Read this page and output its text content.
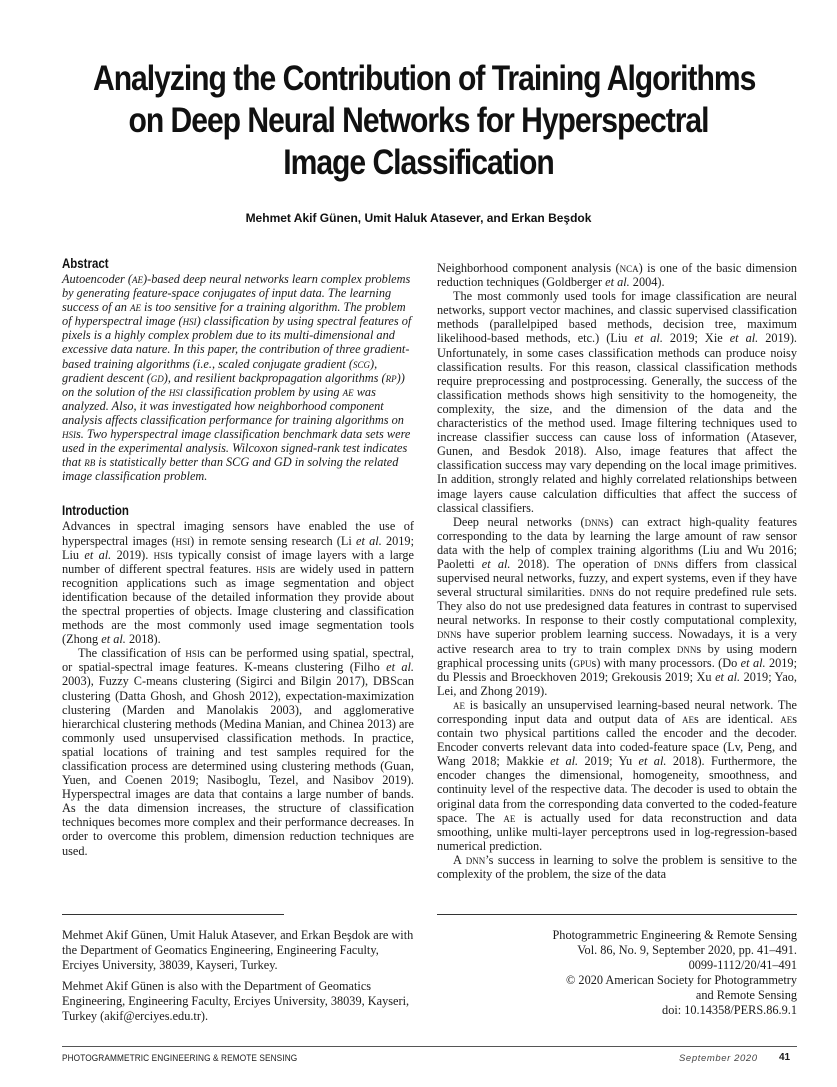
Analyzing the Contribution of Training Algorithms
on Deep Neural Networks for Hyperspectral
Image Classification
Mehmet Akif Günen, Umit Haluk Atasever, and Erkan Beşdok
Abstract

Autoencoder (ae)-based deep neural networks learn complex problems by generating feature-space conjugates of input data. The learning success of an ae is too sensitive for a training algorithm. The problem of hyperspectral image (hsi) classification by using spectral features of pixels is a highly complex problem due to its multi-dimensional and excessive data nature. In this paper, the contribution of three gradient-based training algorithms (i.e., scaled conjugate gradient (scg), gradient descent (gd), and resilient backpropagation algorithms (rp)) on the solution of the hsi classification problem by using ae was analyzed. Also, it was investigated how neighborhood component analysis affects classification performance for training algorithms on hsis. Two hyperspectral image classification benchmark data sets were used in the experimental analysis. Wilcoxon signed-rank test indicates that rb is statistically better than SCG and GD in solving the related image classification problem.

Introduction

Advances in spectral imaging sensors have enabled the use of hyperspectral images (hsi) in remote sensing research (Li et al. 2019; Liu et al. 2019). hsis typically consist of image layers with a large number of different spectral features. hsis are widely used in pattern recognition applications such as image segmentation and object identification because of the detailed information they provide about the spectral properties of objects. Image clustering and classification methods are the most commonly used image segmentation tools (Zhong et al. 2018).

The classification of hsis can be performed using spatial, spectral, or spatial-spectral image features. K-means clustering (Filho et al. 2003), Fuzzy C-means clustering (Sigirci and Bilgin 2017), DBScan clustering (Datta Ghosh, and Ghosh 2012), expectation-maximization clustering (Marden and Manolakis 2003), and agglomerative hierarchical clustering methods (Medina Manian, and Chinea 2013) are commonly used unsupervised classification methods. In practice, spatial locations of training and test samples required for the classification process are determined using clustering methods (Guan, Yuen, and Coenen 2019; Nasiboglu, Tezel, and Nasibov 2019). Hyperspectral images are data that contains a large number of bands. As the data dimension increases, the structure of classification techniques becomes more complex and their performance decreases. In order to overcome this problem, dimension reduction techniques are used.

Neighborhood component analysis (nca) is one of the basic dimension reduction techniques (Goldberger et al. 2004).

The most commonly used tools for image classification are neural networks, support vector machines, and classic supervised classification methods (parallelpiped based methods, decision tree, maximum likelihood-based methods, etc.) (Liu et al. 2019; Xie et al. 2019). Unfortunately, in some cases classification methods can produce noisy classification results. For this reason, classical classification methods require preprocessing and postprocessing. Generally, the success of the classification methods shows high sensitivity to the homogeneity, the complexity, the size, and the dimension of the data and the characteristics of the method used. Image filtering techniques used to increase classifier success can cause loss of information (Atasever, Gunen, and Besdok 2018). Also, image features that affect the classification success may vary depending on the local image primitives. In addition, strongly related and highly correlated relationships between image layers cause calculation difficulties that affect the success of classical classifiers.

Deep neural networks (dnns) can extract high-quality features corresponding to the data by learning the large amount of raw sensor data with the help of complex training algorithms (Liu and Wu 2016; Paoletti et al. 2018). The operation of dnns differs from classical supervised neural networks, fuzzy, and expert systems, even if they have several structural similarities. dnns do not require predefined rule sets. They also do not use predesigned data features in contrast to supervised neural networks. In response to their costly computational complexity, dnns have superior problem learning success. Nowadays, it is a very active research area to try to train complex dnns by using modern graphical processing units (gpus) with many processors. (Do et al. 2019; du Plessis and Broeckhoven 2019; Grekousis 2019; Xu et al. 2019; Yao, Lei, and Zhong 2019).

ae is basically an unsupervised learning-based neural network. The corresponding input data and output data of aes are identical. aes contain two physical partitions called the encoder and the decoder. Encoder converts relevant data into coded-feature space (Lv, Peng, and Wang 2018; Makkie et al. 2019; Yu et al. 2018). Furthermore, the encoder changes the dimensional, homogeneity, smoothness, and continuity level of the respective data. The decoder is used to obtain the original data from the corresponding data converted to the coded-feature space. The ae is actually used for data reconstruction and data smoothing, unlike multi-layer perceptrons used in log-regression-based numerical prediction.

A dnn’s success in learning to solve the problem is sensitive to the complexity of the problem, the size of the data

Mehmet Akif Günen, Umit Haluk Atasever, and Erkan Beşdok are with the Department of Geomatics Engineering, Engineering Faculty, Erciyes University, 38039, Kayseri, Turkey.

Mehmet Akif Günen is also with the Department of Geomatics Engineering, Engineering Faculty, Erciyes University, 38039, Kayseri, Turkey (akif@erciyes.edu.tr).

Photogrammetric Engineering & Remote Sensing

Vol. 86, No. 9, September 2020, pp. 41–491.

0099-1112/20/41–491

© 2020 American Society for Photogrammetry

and Remote Sensing

doi: 10.14358/PERS.86.9.1

PHOTOGRAMMETRIC ENGINEERING & REMOTE SENSING	September 2020 41
